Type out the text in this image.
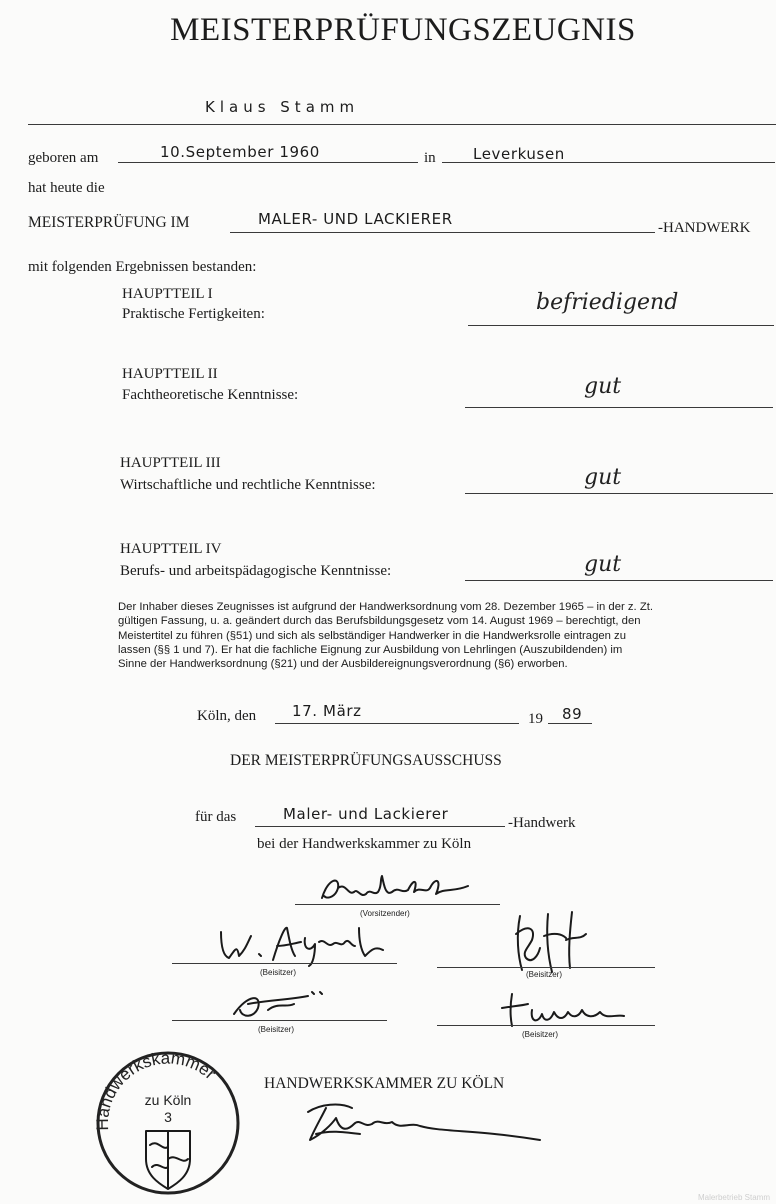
MEISTERPRÜFUNGSZEUGNIS
Klaus Stamm
geboren am	10.September 1960	in Leverkusen
hat heute die
MEISTERPRÜFUNG IM	MALER- UND LACKIERER	-HANDWERK
mit folgenden Ergebnissen bestanden:
HAUPTTEIL I
Praktische Fertigkeiten:	befriedigend
HAUPTTEIL II
Fachtheoretische Kenntnisse:	gut
HAUPTTEIL III
Wirtschaftliche und rechtliche Kenntnisse:	gut
HAUPTTEIL IV
Berufs- und arbeitspädagogische Kenntnisse:	gut
Der Inhaber dieses Zeugnisses ist aufgrund der Handwerksordnung vom 28. Dezember 1965 – in der z. Zt.
gültigen Fassung, u. a. geändert durch das Berufsbildungsgesetz vom 14. August 1969 – berechtigt, den
Meistertitel zu führen (§51) und sich als selbständiger Handwerker in die Handwerksrolle eintragen zu
lassen (§§ 1 und 7). Er hat die fachliche Eignung zur Ausbildung von Lehrlingen (Auszubildenden) im
Sinne der Handwerksordnung (§21) und der Ausbildereignungsverordnung (§6) erworben.
Köln, den 17. März	19 89
DER MEISTERPRÜFUNGSAUSSCHUSS
für das	Maler- und Lackierer	-Handwerk
bei der Handwerkskammer zu Köln
(Vorsitzender)
(Beisitzer)	(Beisitzer)
(Beisitzer)
(Beisitzer)
Handwerkskammer
zu Köln
3
HANDWERKSKAMMER ZU KÖLN
Malerbetrieb Stamm
